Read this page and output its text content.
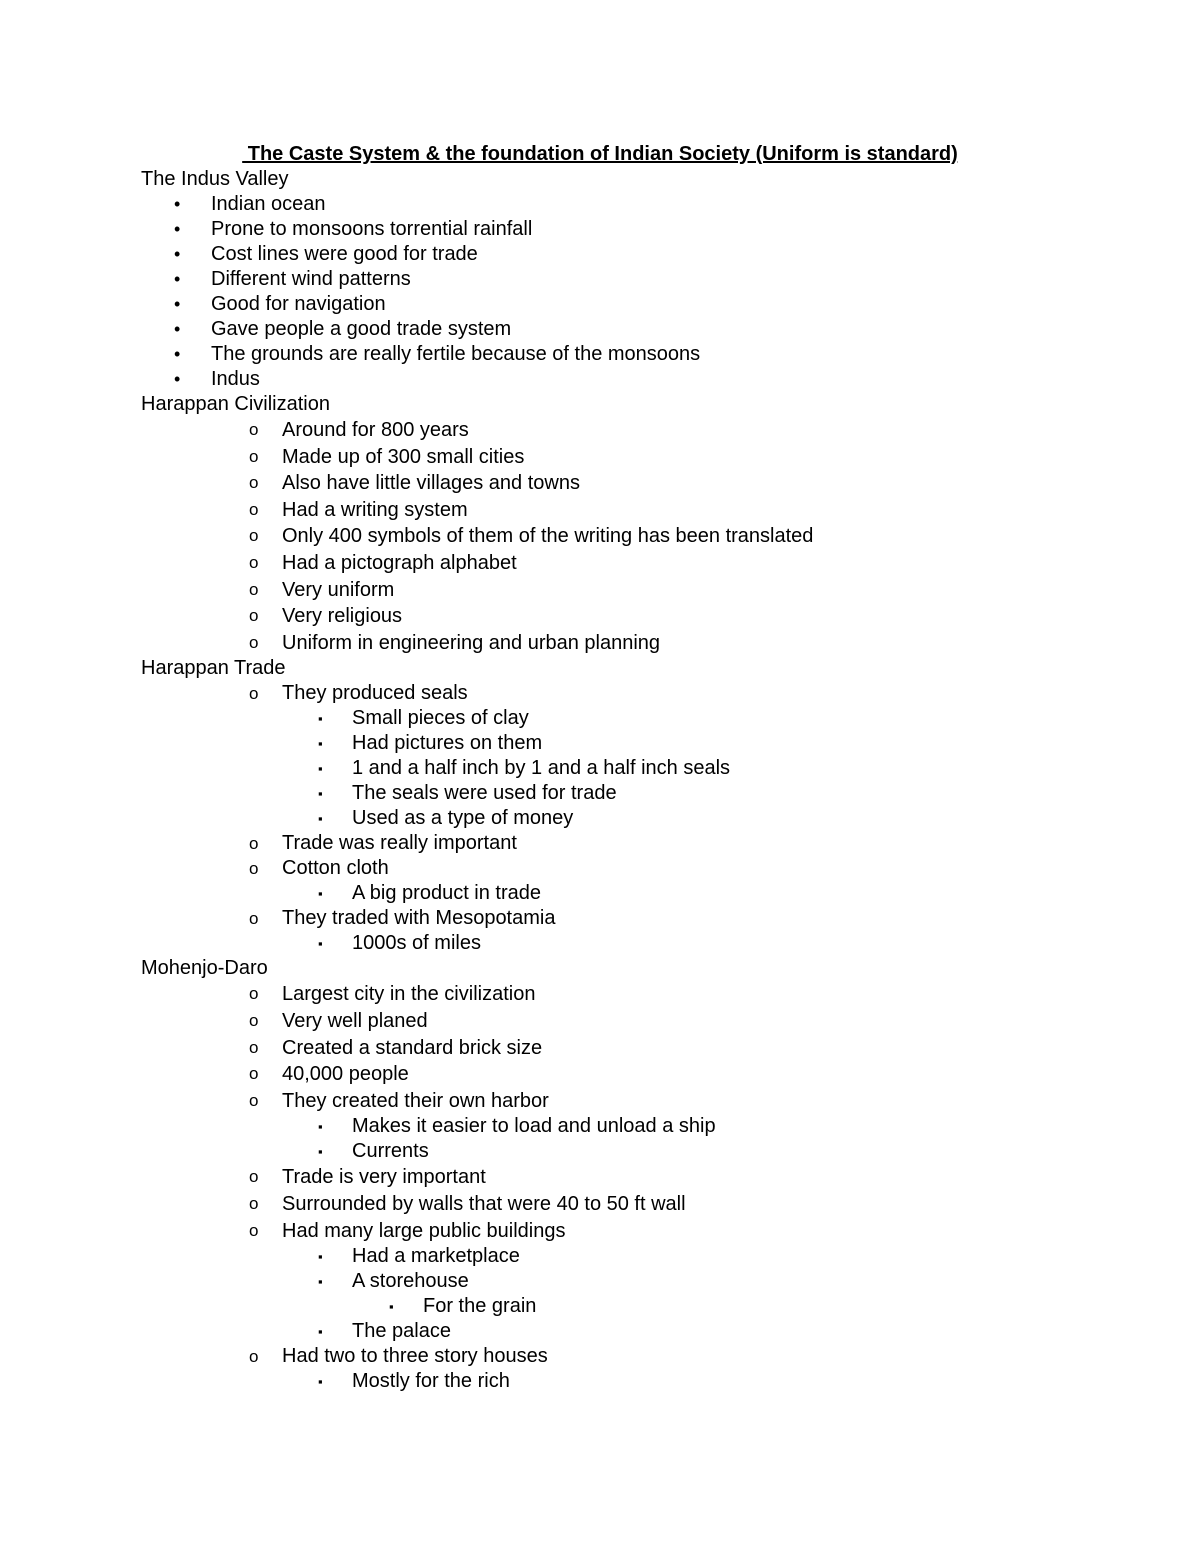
The Caste System & the foundation of Indian Society (Uniform is standard)
The Indus Valley
• Indian ocean
• Prone to monsoons torrential rainfall
• Cost lines were good for trade
• Different wind patterns
• Good for navigation
• Gave people a good trade system
• The grounds are really fertile because of the monsoons
• Indus
Harappan Civilization
o Around for 800 years
o Made up of 300 small cities
o Also have little villages and towns
o Had a writing system
o Only 400 symbols of them of the writing has been translated
o Had a pictograph alphabet
o Very uniform
o Very religious
o Uniform in engineering and urban planning
Harappan Trade
o They produced seals
▪ Small pieces of clay
▪ Had pictures on them
▪ 1 and a half inch by 1 and a half inch seals
▪ The seals were used for trade
▪ Used as a type of money
o Trade was really important
o Cotton cloth
▪ A big product in trade
o They traded with Mesopotamia
▪ 1000s of miles
Mohenjo-Daro
o Largest city in the civilization
o Very well planed
o Created a standard brick size
o 40,000 people
o They created their own harbor
▪ Makes it easier to load and unload a ship
▪ Currents
o Trade is very important
o Surrounded by walls that were 40 to 50 ft wall
o Had many large public buildings
▪ Had a marketplace
▪ A storehouse
▪ For the grain
▪ The palace
o Had two to three story houses
▪ Mostly for the rich
